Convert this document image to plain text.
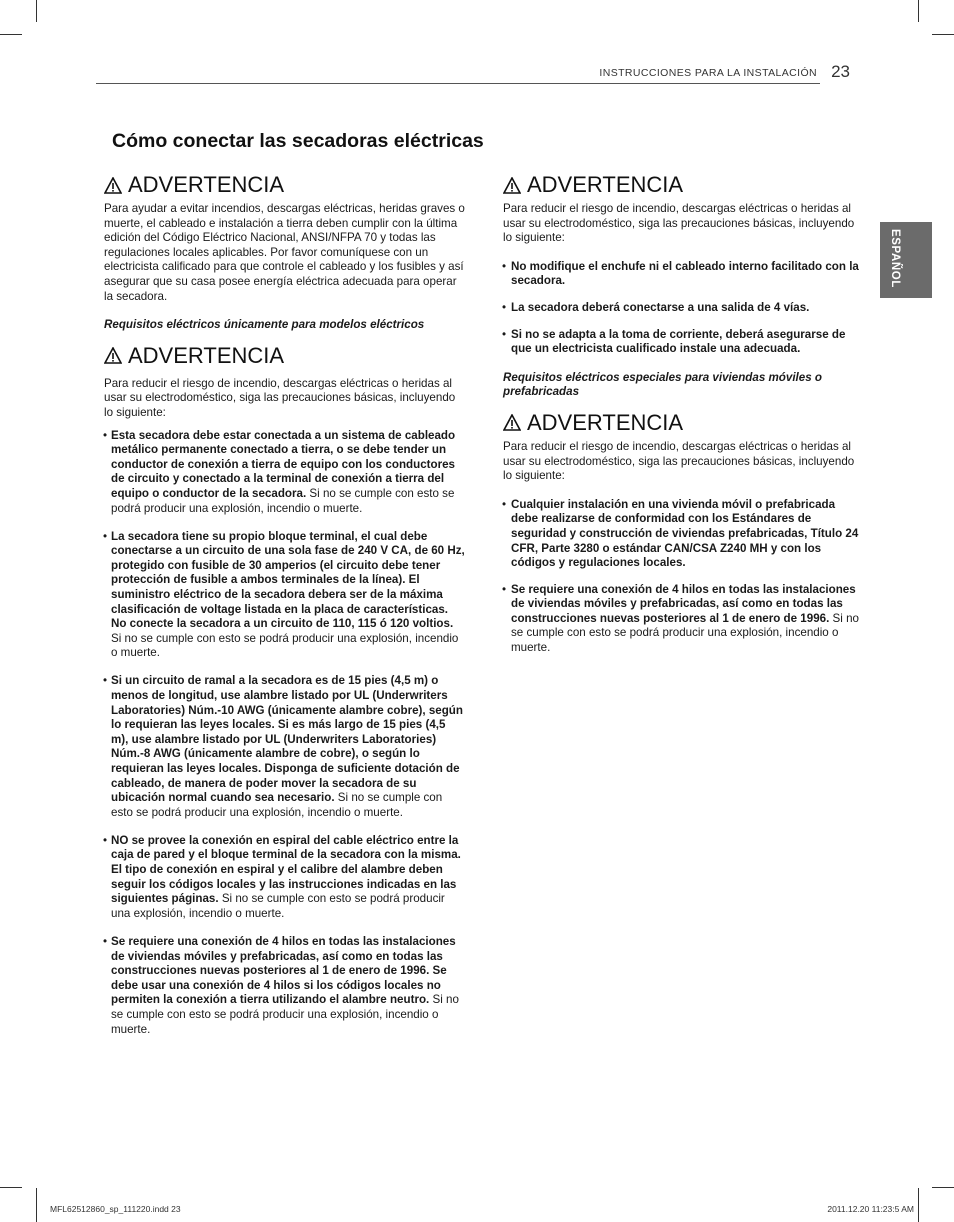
INSTRUCCIONES PARA LA INSTALACIÓN 23
ESPAÑOL
Cómo conectar las secadoras eléctricas
ADVERTENCIA

Para ayudar a evitar incendios, descargas eléctricas, heridas graves o muerte, el cableado e instalación a tierra deben cumplir con la última edición del Código Eléctrico Nacional, ANSI/NFPA 70 y todas las regulaciones locales aplicables. Por favor comuníquese con un electricista calificado para que controle el cableado y los fusibles y así asegurar que su casa posee energía eléctrica adecuada para operar la secadora.

Requisitos eléctricos únicamente para modelos eléctricos

ADVERTENCIA

Para reducir el riesgo de incendio, descargas eléctricas o heridas al usar su electrodoméstico, siga las precauciones básicas, incluyendo lo siguiente:

• Esta secadora debe estar conectada a un sistema de cableado metálico permanente conectado a tierra, o se debe tender un conductor de conexión a tierra de equipo con los conductores de circuito y conectado a la terminal de conexión a tierra del equipo o conductor de la secadora. Si no se cumple con esto se podrá producir una explosión, incendio o muerte.
• La secadora tiene su propio bloque terminal, el cual debe conectarse a un circuito de una sola fase de 240 V CA, de 60 Hz, protegido con fusible de 30 amperios (el circuito debe tener protección de fusible a ambos terminales de la línea). El suministro eléctrico de la secadora debera ser de la máxima clasificación de voltage listada en la placa de características. No conecte la secadora a un circuito de 110, 115 ó 120 voltios. Si no se cumple con esto se podrá producir una explosión, incendio o muerte.
• Si un circuito de ramal a la secadora es de 15 pies (4,5 m) o menos de longitud, use alambre listado por UL (Underwriters Laboratories) Núm.-10 AWG (únicamente alambre cobre), según lo requieran las leyes locales. Si es más largo de 15 pies (4,5 m), use alambre listado por UL (Underwriters Laboratories) Núm.-8 AWG (únicamente alambre de cobre), o según lo requieran las leyes locales. Disponga de suficiente dotación de cableado, de manera de poder mover la secadora de su ubicación normal cuando sea necesario. Si no se cumple con esto se podrá producir una explosión, incendio o muerte.
• NO se provee la conexión en espiral del cable eléctrico entre la caja de pared y el bloque terminal de la secadora con la misma. El tipo de conexión en espiral y el calibre del alambre deben seguir los códigos locales y las instrucciones indicadas en las siguientes páginas. Si no se cumple con esto se podrá producir una explosión, incendio o muerte.
• Se requiere una conexión de 4 hilos en todas las instalaciones de viviendas móviles y prefabricadas, así como en todas las construcciones nuevas posteriores al 1 de enero de 1996. Se debe usar una conexión de 4 hilos si los códigos locales no permiten la conexión a tierra utilizando el alambre neutro. Si no se cumple con esto se podrá producir una explosión, incendio o muerte.
ADVERTENCIA

Para reducir el riesgo de incendio, descargas eléctricas o heridas al usar su electrodoméstico, siga las precauciones básicas, incluyendo lo siguiente:

• No modifique el enchufe ni el cableado interno facilitado con la secadora.
• La secadora deberá conectarse a una salida de 4 vías.
• Si no se adapta a la toma de corriente, deberá asegurarse de que un electricista cualificado instale una adecuada.

Requisitos eléctricos especiales para viviendas móviles o prefabricadas

ADVERTENCIA

Para reducir el riesgo de incendio, descargas eléctricas o heridas al usar su electrodoméstico, siga las precauciones básicas, incluyendo lo siguiente:

• Cualquier instalación en una vivienda móvil o prefabricada debe realizarse de conformidad con los Estándares de seguridad y construcción de viviendas prefabricadas, Título 24 CFR, Parte 3280 o estándar CAN/CSA Z240 MH y con los códigos y regulaciones locales.
• Se requiere una conexión de 4 hilos en todas las instalaciones de viviendas móviles y prefabricadas, así como en todas las construcciones nuevas posteriores al 1 de enero de 1996. Si no se cumple con esto se podrá producir una explosión, incendio o muerte.
MFL62512860_sp_111220.indd 23	2011.12.20 11:23:5 AM
